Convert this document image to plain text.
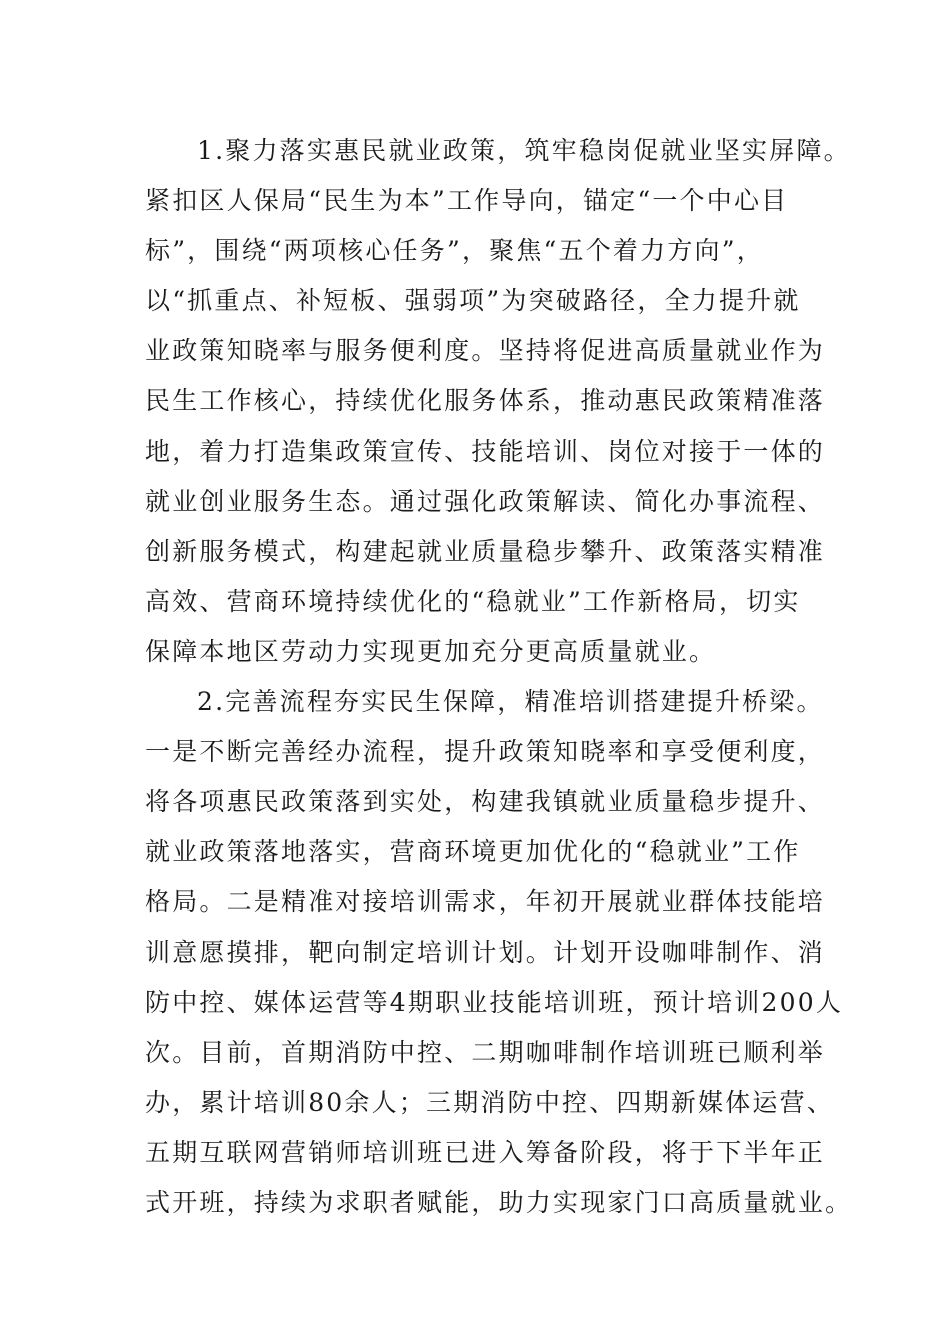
1.聚力落实惠民就业政策，筑牢稳岗促就业坚实屏障。
紧扣区人保局“民生为本”工作导向，锚定“一个中心目
标”，围绕“两项核心任务”，聚焦“五个着力方向”，
以“抓重点、补短板、强弱项”为突破路径，全力提升就
业政策知晓率与服务便利度。坚持将促进高质量就业作为
民生工作核心，持续优化服务体系，推动惠民政策精准落
地，着力打造集政策宣传、技能培训、岗位对接于一体的
就业创业服务生态。通过强化政策解读、简化办事流程、
创新服务模式，构建起就业质量稳步攀升、政策落实精准
高效、营商环境持续优化的“稳就业”工作新格局，切实
保障本地区劳动力实现更加充分更高质量就业。
2.完善流程夯实民生保障，精准培训搭建提升桥梁。
一是不断完善经办流程，提升政策知晓率和享受便利度，
将各项惠民政策落到实处，构建我镇就业质量稳步提升、
就业政策落地落实，营商环境更加优化的“稳就业”工作
格局。二是精准对接培训需求，年初开展就业群体技能培
训意愿摸排，靶向制定培训计划。计划开设咖啡制作、消
防中控、媒体运营等4期职业技能培训班，预计培训200人
次。目前，首期消防中控、二期咖啡制作培训班已顺利举
办，累计培训80余人；三期消防中控、四期新媒体运营、
五期互联网营销师培训班已进入筹备阶段，将于下半年正
式开班，持续为求职者赋能，助力实现家门口高质量就业。
